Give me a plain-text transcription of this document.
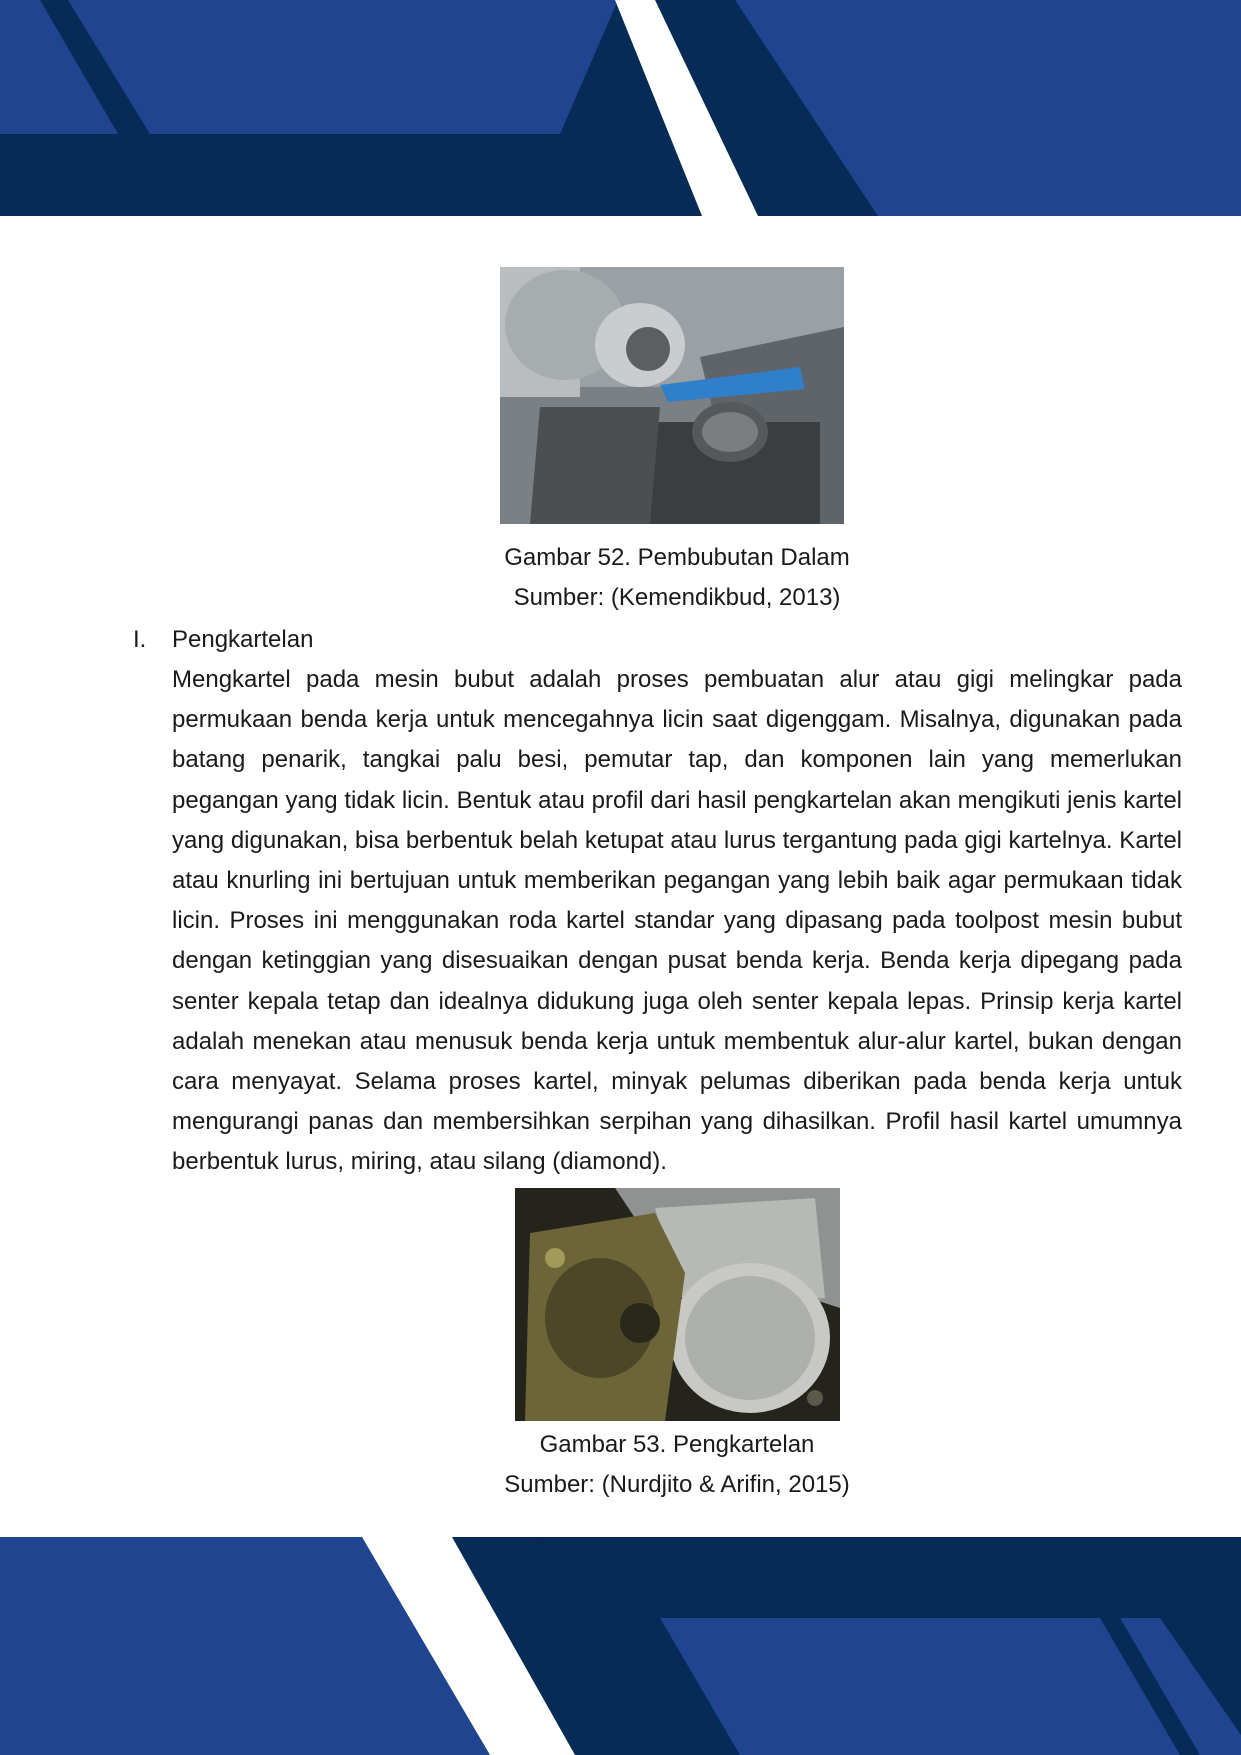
Gambar 52. Pembubutan Dalam
Sumber: (Kemendikbud, 2013)
I. Pengkartelan
Mengkartel pada mesin bubut adalah proses pembuatan alur atau gigi melingkar pada permukaan benda kerja untuk mencegahnya licin saat digenggam. Misalnya, digunakan pada batang penarik, tangkai palu besi, pemutar tap, dan komponen lain yang memerlukan pegangan yang tidak licin. Bentuk atau profil dari hasil pengkartelan akan mengikuti jenis kartel yang digunakan, bisa berbentuk belah ketupat atau lurus tergantung pada gigi kartelnya. Kartel atau knurling ini bertujuan untuk memberikan pegangan yang lebih baik agar permukaan tidak licin. Proses ini menggunakan roda kartel standar yang dipasang pada toolpost mesin bubut dengan ketinggian yang disesuaikan dengan pusat benda kerja. Benda kerja dipegang pada senter kepala tetap dan idealnya didukung juga oleh senter kepala lepas. Prinsip kerja kartel adalah menekan atau menusuk benda kerja untuk membentuk alur-alur kartel, bukan dengan cara menyayat. Selama proses kartel, minyak pelumas diberikan pada benda kerja untuk mengurangi panas dan membersihkan serpihan yang dihasilkan. Profil hasil kartel umumnya berbentuk lurus, miring, atau silang (diamond).
Gambar 53. Pengkartelan
Sumber: (Nurdjito & Arifin, 2015)
